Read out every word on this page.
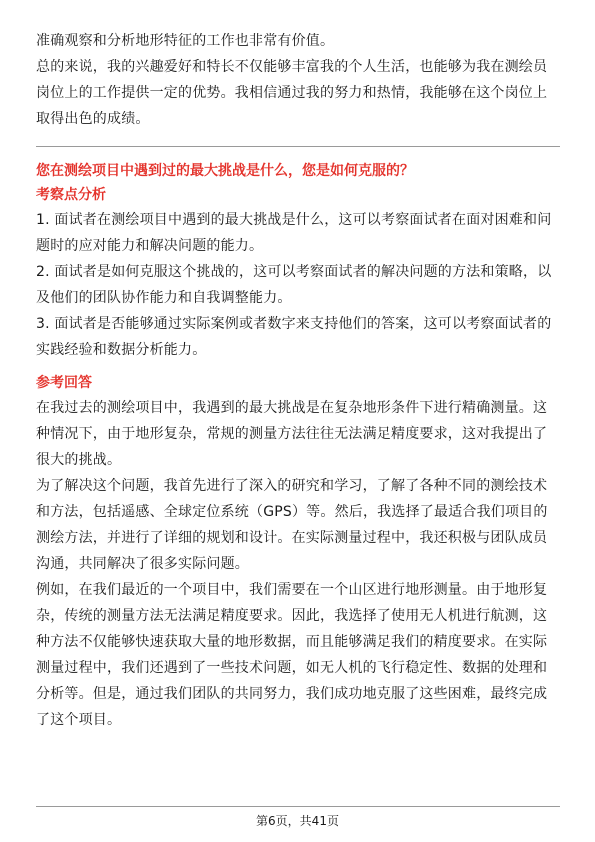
准确观察和分析地形特征的工作也非常有价值。

总的来说，我的兴趣爱好和特长不仅能够丰富我的个人生活，也能够为我在测绘员岗位上的工作提供一定的优势。我相信通过我的努力和热情，我能够在这个岗位上取得出色的成绩。

您在测绘项目中遇到过的最大挑战是什么，您是如何克服的？

考察点分析

1. 面试者在测绘项目中遇到的最大挑战是什么，这可以考察面试者在面对困难和问题时的应对能力和解决问题的能力。

2. 面试者是如何克服这个挑战的，这可以考察面试者的解决问题的方法和策略，以及他们的团队协作能力和自我调整能力。

3. 面试者是否能够通过实际案例或者数字来支持他们的答案，这可以考察面试者的实践经验和数据分析能力。

参考回答

在我过去的测绘项目中，我遇到的最大挑战是在复杂地形条件下进行精确测量。这种情况下，由于地形复杂，常规的测量方法往往无法满足精度要求，这对我提出了很大的挑战。

为了解决这个问题，我首先进行了深入的研究和学习，了解了各种不同的测绘技术和方法，包括遥感、全球定位系统（GPS）等。然后，我选择了最适合我们项目的测绘方法，并进行了详细的规划和设计。在实际测量过程中，我还积极与团队成员沟通，共同解决了很多实际问题。

例如，在我们最近的一个项目中，我们需要在一个山区进行地形测量。由于地形复杂，传统的测量方法无法满足精度要求。因此，我选择了使用无人机进行航测，这种方法不仅能够快速获取大量的地形数据，而且能够满足我们的精度要求。在实际测量过程中，我们还遇到了一些技术问题，如无人机的飞行稳定性、数据的处理和分析等。但是，通过我们团队的共同努力，我们成功地克服了这些困难，最终完成了这个项目。

第6页，共41页
